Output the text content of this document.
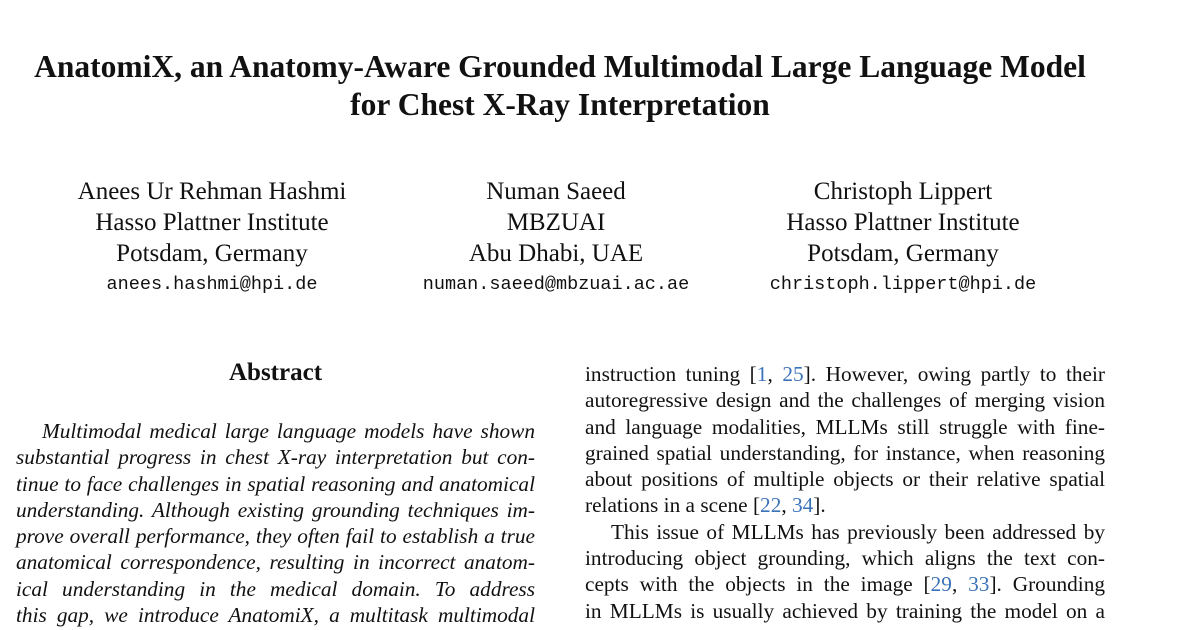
AnatomiX, an Anatomy-Aware Grounded Multimodal Large Language Model
for Chest X-Ray Interpretation
Anees Ur Rehman Hashmi
Hasso Plattner Institute
Potsdam, Germany
anees.hashmi@hpi.de
Numan Saeed
MBZUAI
Abu Dhabi, UAE
numan.saeed@mbzuai.ac.ae
Christoph Lippert
Hasso Plattner Institute
Potsdam, Germany
christoph.lippert@hpi.de
Abstract
Multimodal medical large language models have shown
substantial progress in chest X-ray interpretation but con-
tinue to face challenges in spatial reasoning and anatomical
understanding. Although existing grounding techniques im-
prove overall performance, they often fail to establish a true
anatomical correspondence, resulting in incorrect anatom-
ical understanding in the medical domain. To address
this gap, we introduce AnatomiX, a multitask multimodal
instruction tuning [1, 25]. However, owing partly to their
autoregressive design and the challenges of merging vision
and language modalities, MLLMs still struggle with fine-
grained spatial understanding, for instance, when reasoning
about positions of multiple objects or their relative spatial
relations in a scene [22, 34].
This issue of MLLMs has previously been addressed by
introducing object grounding, which aligns the text con-
cepts with the objects in the image [29, 33]. Grounding
in MLLMs is usually achieved by training the model on a
